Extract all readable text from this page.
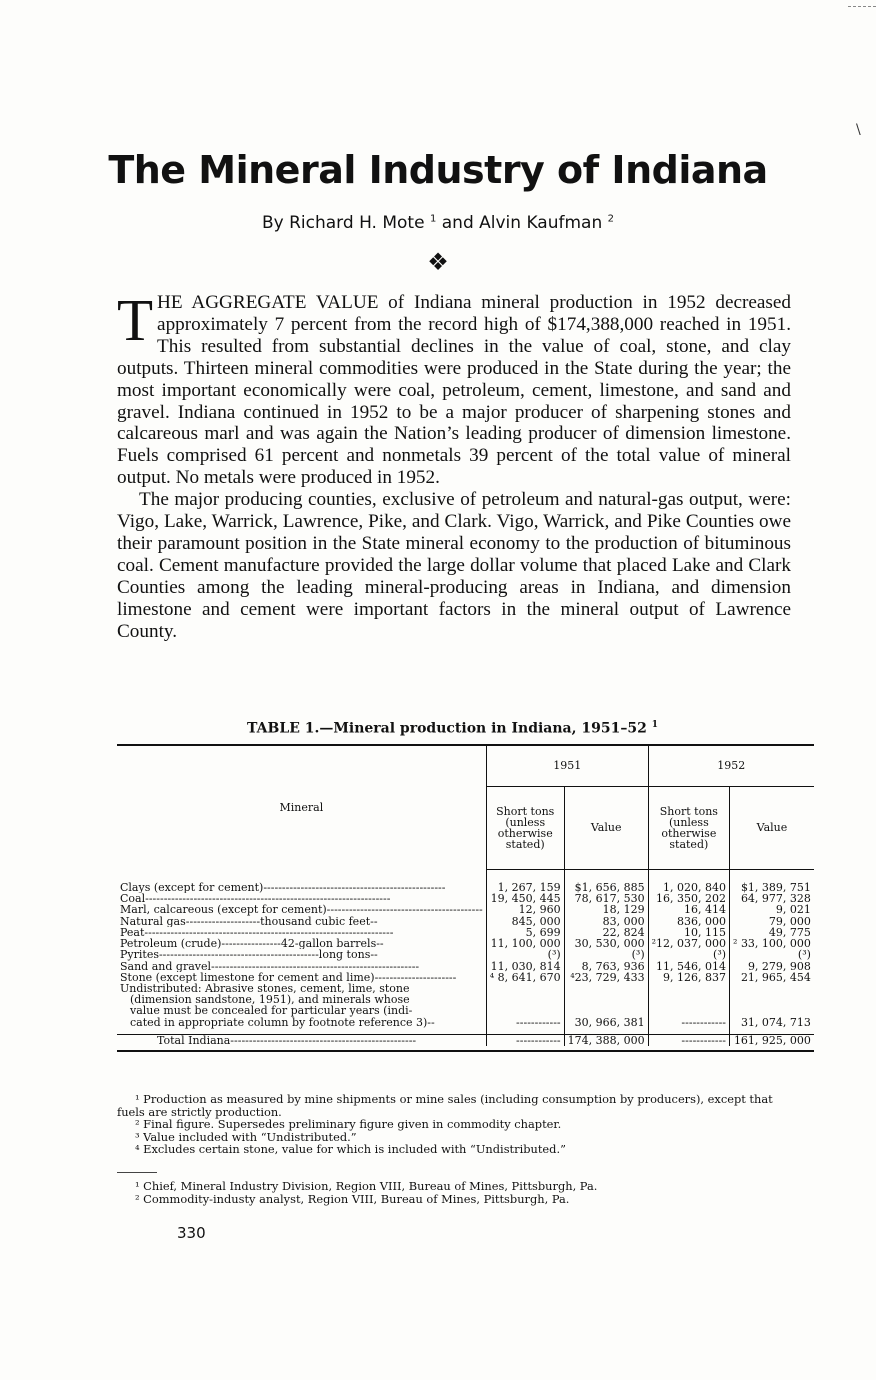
\
The Mineral Industry of Indiana
By Richard H. Mote $^1$ and Alvin Kaufman $^2$
❖

THE AGGREGATE VALUE of Indiana mineral production in 1952 decreased approximately 7 percent from the record high of $174,388,000 reached in 1951. This resulted from substantial declines in the value of coal, stone, and clay outputs. Thirteen mineral commodities were produced in the State during the year; the most important economically were coal, petroleum, cement, limestone, and sand and gravel. Indiana continued in 1952 to be a major producer of sharpening stones and calcareous marl and was again the Nation’s leading producer of dimension limestone. Fuels comprised 61 percent and nonmetals 39 percent of the total value of mineral output. No metals were produced in 1952.

The major producing counties, exclusive of petroleum and natural-gas output, were: Vigo, Lake, Warrick, Lawrence, Pike, and Clark. Vigo, Warrick, and Pike Counties owe their paramount position in the State mineral economy to the production of bituminous coal. Cement manufacture provided the large dollar volume that placed Lake and Clark Counties among the leading mineral-producing areas in Indiana, and dimension limestone and cement were important factors in the mineral output of Lawrence County.

TABLE 1.—Mineral production in Indiana, 1951–52 $^1$
Mineral	1951		1952	
	Short tons (unless otherwise stated)	Value	Short tons (unless otherwise stated)	Value

Clays (except for cement)-------------------------------------------------	1, 267, 159	$1, 656, 885	1, 020, 840	$1, 389, 751
Coal------------------------------------------------------------------	19, 450, 445	78, 617, 530	16, 350, 202	64, 977, 328
Marl, calcareous (except for cement)------------------------------------------	12, 960	18, 129	16, 414	9, 021
Natural gas--------------------thousand cubic feet--	845, 000	83, 000	836, 000	79, 000
Peat-------------------------------------------------------------------	5, 699	22, 824	10, 115	49, 775
Petroleum (crude)----------------42-gallon barrels--	11, 100, 000	30, 530, 000	²12, 037, 000	² 33, 100, 000
Pyrites-------------------------------------------long tons--	(³)	(³)	(³)	(³)
Sand and gravel--------------------------------------------------------	11, 030, 814	8, 763, 936	11, 546, 014	9, 279, 908
Stone (except limestone for cement and lime)----------------------	⁴ 8, 641, 670	⁴23, 729, 433	9, 126, 837	21, 965, 454

Undistributed: Abrasive stones, cement, lime, stone
(dimension sandstone, 1951), and minerals whose
value must be concealed for particular years (indi-
cated in appropriate column by footnote reference 3)--	------------	30, 966, 381	------------	31, 074, 713

Total Indiana--------------------------------------------------	------------	174, 388, 000	------------	161, 925, 000

¹ Production as measured by mine shipments or mine sales (including consumption by producers), except that fuels are strictly production.

² Final figure. Supersedes preliminary figure given in commodity chapter.

³ Value included with “Undistributed.”

⁴ Excludes certain stone, value for which is included with “Undistributed.”

¹ Chief, Mineral Industry Division, Region VIII, Bureau of Mines, Pittsburgh, Pa.

² Commodity-industy analyst, Region VIII, Bureau of Mines, Pittsburgh, Pa.

330
